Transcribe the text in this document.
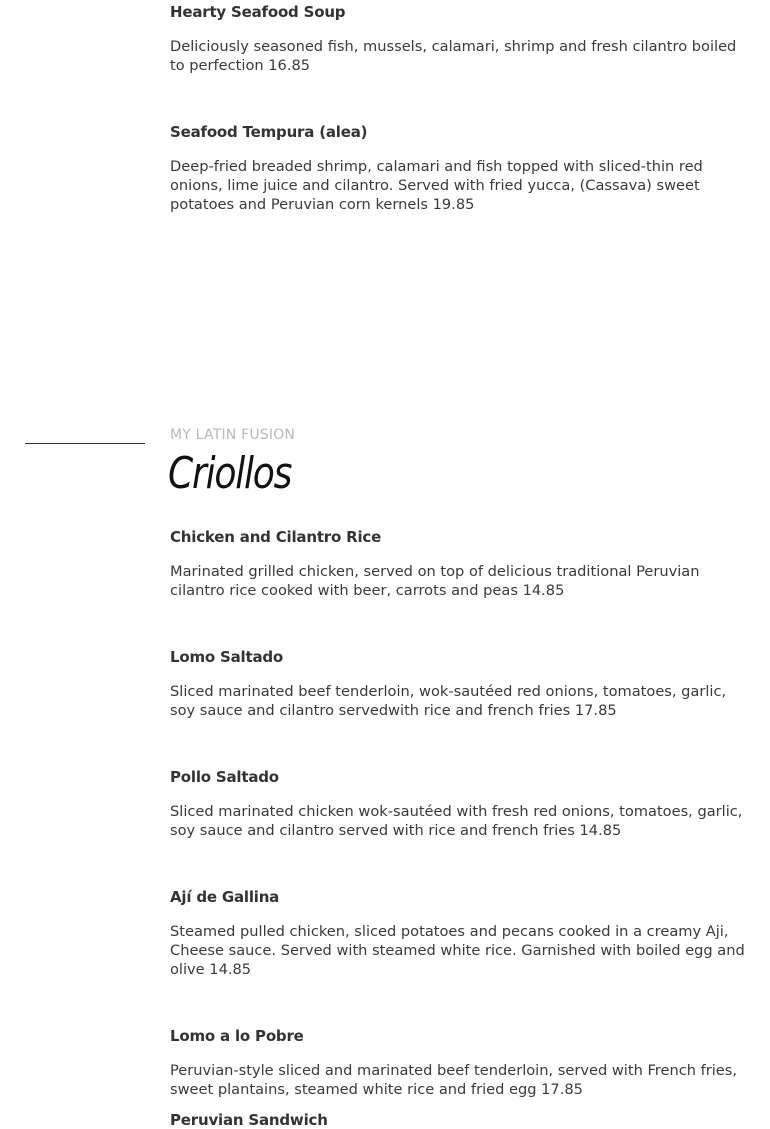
Hearty Seafood Soup
Deliciously seasoned fish, mussels, calamari, shrimp and fresh cilantro boiled to perfection 16.85
Seafood Tempura (alea)
Deep-fried breaded shrimp, calamari and fish topped with sliced-thin red onions, lime juice and cilantro. Served with fried yucca, (Cassava) sweet potatoes and Peruvian corn kernels 19.85
MY LATIN FUSION
Criollos
Chicken and Cilantro Rice
Marinated grilled chicken, served on top of delicious traditional Peruvian cilantro rice cooked with beer, carrots and peas 14.85
Lomo Saltado
Sliced marinated beef tenderloin, wok-sautéed red onions, tomatoes, garlic, soy sauce and cilantro servedwith rice and french fries 17.85
Pollo Saltado
Sliced marinated chicken wok-sautéed with fresh red onions, tomatoes, garlic, soy sauce and cilantro served with rice and french fries 14.85
Ají de Gallina
Steamed pulled chicken, sliced potatoes and pecans cooked in a creamy Aji, Cheese sauce. Served with steamed white rice. Garnished with boiled egg and olive 14.85
Lomo a lo Pobre
Peruvian-style sliced and marinated beef tenderloin, served with French fries, sweet plantains, steamed white rice and fried egg 17.85
Peruvian Sandwich
